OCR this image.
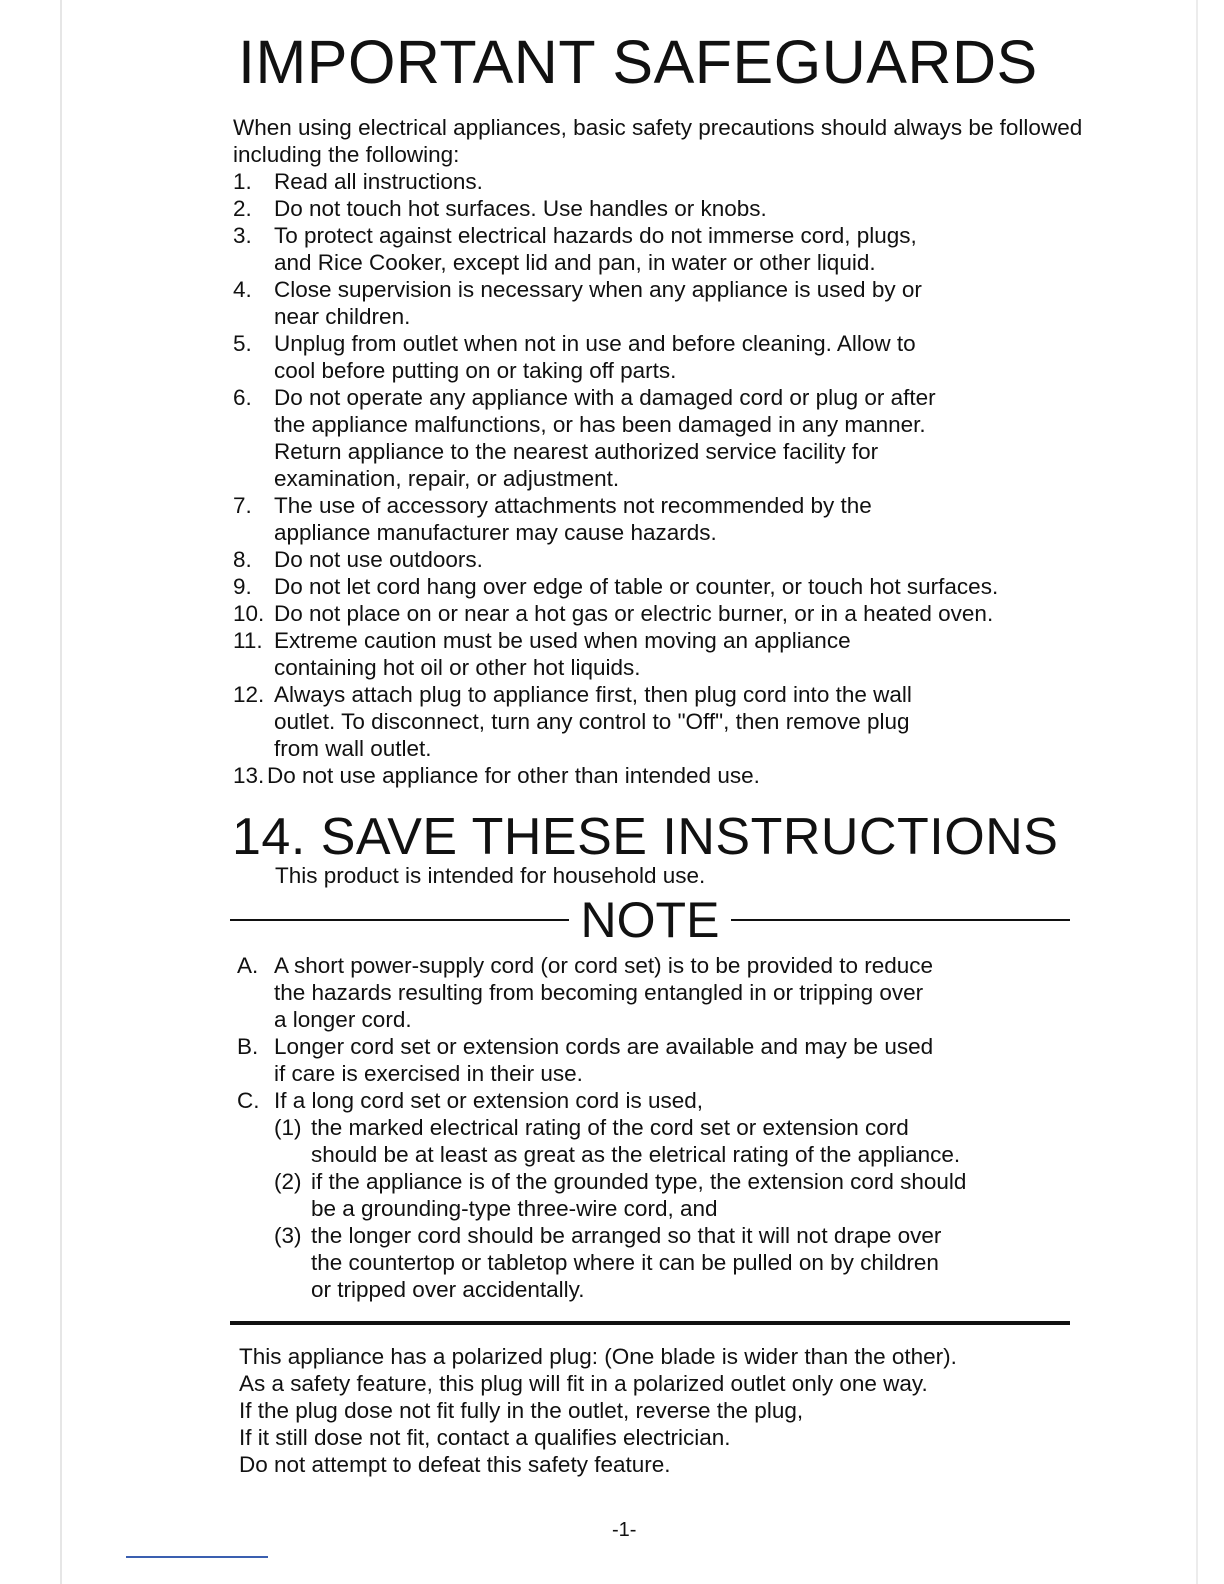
IMPORTANT SAFEGUARDS
When using electrical appliances, basic safety precautions should always be followed including the following:
1. Read all instructions.
2. Do not touch hot surfaces. Use handles or knobs.
3. To protect against electrical hazards do not immerse cord, plugs,
and Rice Cooker, except lid and pan, in water or other liquid.
4. Close supervision is necessary when any appliance is used by or
near children.
5. Unplug from outlet when not in use and before cleaning. Allow to
cool before putting on or taking off parts.
6. Do not operate any appliance with a damaged cord or plug or after
the appliance malfunctions, or has been damaged in any manner.
Return appliance to the nearest authorized service facility for
examination, repair, or adjustment.
7. The use of accessory attachments not recommended by the
appliance manufacturer may cause hazards.
8. Do not use outdoors.
9. Do not let cord hang over edge of table or counter, or touch hot surfaces.
10. Do not place on or near a hot gas or electric burner, or in a heated oven.
11. Extreme caution must be used when moving an appliance
containing hot oil or other hot liquids.
12. Always attach plug to appliance first, then plug cord into the wall
outlet. To disconnect, turn any control to "Off", then remove plug
from wall outlet.
13. Do not use appliance for other than intended use.
14. SAVE THESE INSTRUCTIONS
This product is intended for household use.
NOTE
A. A short power-supply cord (or cord set) is to be provided to reduce
the hazards resulting from becoming entangled in or tripping over
a longer cord.
B. Longer cord set or extension cords are available and may be used
if care is exercised in their use.
C. If a long cord set or extension cord is used,
(1) the marked electrical rating of the cord set or extension cord
should be at least as great as the eletrical rating of the appliance.
(2) if the appliance is of the grounded type, the extension cord should
be a grounding-type three-wire cord, and
(3) the longer cord should be arranged so that it will not drape over
the countertop or tabletop where it can be pulled on by children
or tripped over accidentally.
This appliance has a polarized plug: (One blade is wider than the other).
As a safety feature, this plug will fit in a polarized outlet only one way.
If the plug dose not fit fully in the outlet, reverse the plug,
If it still dose not fit, contact a qualifies electrician.
Do not attempt to defeat this safety feature.
-1-
